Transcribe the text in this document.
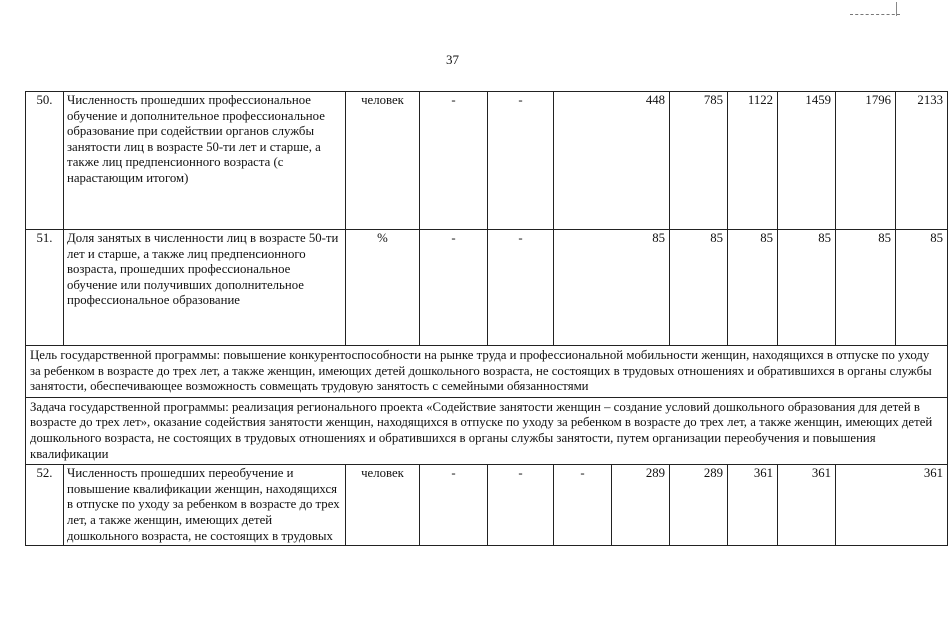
37
50.	Численность прошедших профессиональное обучение и дополнительное профессиональное образование при содействии органов службы занятости лиц в возрасте 50-ти лет и старше, а также лиц предпенсионного возраста (с нарастающим итогом)	человек	-	-	448		785	1122	1459	1796	2133
51.	Доля занятых в численности лиц в возрасте 50-ти лет и старше, а также лиц предпенсионного возраста, прошедших профессиональное обучение или получивших дополнительное профессиональное образование	%	-	-	85		85	85	85	85	85
Цель государственной программы: повышение конкурентоспособности на рынке труда и профессиональной мобильности женщин, находящихся в отпуске по уходу за ребенком в возрасте до трех лет, а также женщин, имеющих детей дошкольного возраста, не состоящих в трудовых отношениях и обратившихся в органы службы занятости, обеспечивающее возможность совмещать трудовую занятость с семейными обязанностями											
Задача государственной программы: реализация регионального проекта «Содействие занятости женщин – создание условий дошкольного образования для детей в возрасте до трех лет», оказание содействия занятости женщин, находящихся в отпуске по уходу за ребенком в возрасте до трех лет, а также женщин, имеющих детей дошкольного возраста, не состоящих в трудовых отношениях и обратившихся в органы службы занятости, путем организации переобучения и повышения квалификации											
52.	Численность прошедших переобучение и повышение квалификации женщин, находящихся в отпуске по уходу за ребенком в возрасте до трех лет, а также женщин, имеющих детей дошкольного возраста, не состоящих в трудовых	человек	-	-	-	289	289	361	361	361	
